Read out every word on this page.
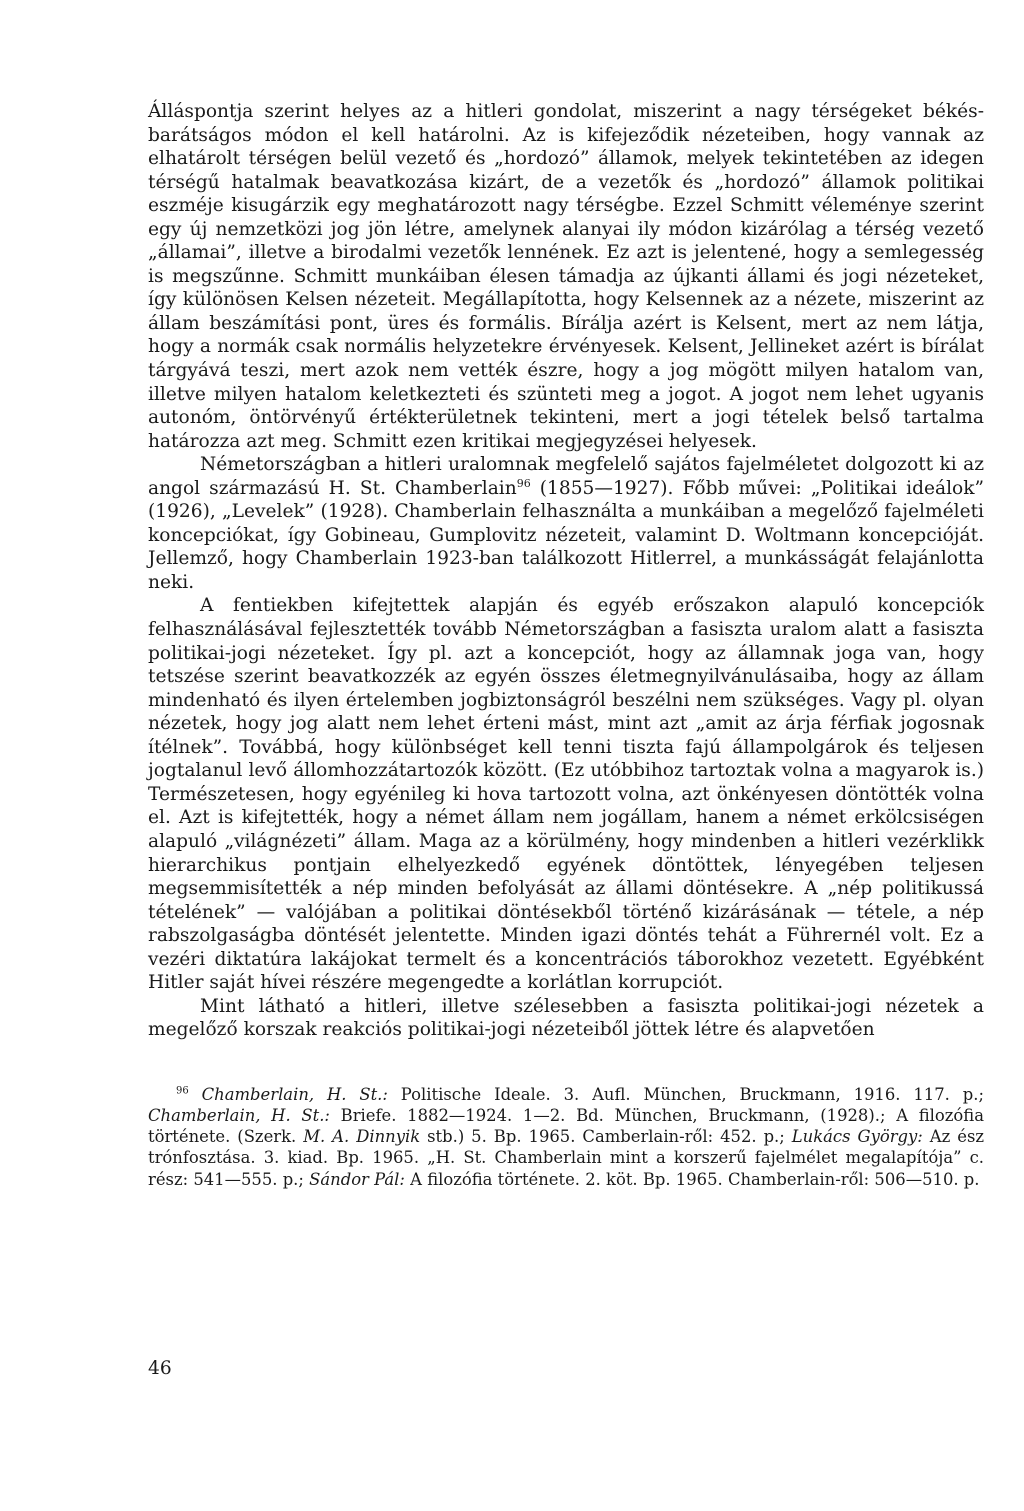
Álláspontja szerint helyes az a hitleri gondolat, miszerint a nagy térségeket békés-barátságos módon el kell határolni. Az is kifejeződik nézeteiben, hogy vannak az elhatárolt térségen belül vezető és „hordozó” államok, melyek tekintetében az idegen térségű hatalmak beavatkozása kizárt, de a vezetők és „hordozó” államok politikai eszméje kisugárzik egy meghatározott nagy térségbe. Ezzel Schmitt véleménye szerint egy új nemzetközi jog jön létre, amelynek alanyai ily módon kizárólag a térség vezető „államai”, illetve a birodalmi vezetők lennének. Ez azt is jelentené, hogy a semlegesség is megszűnne. Schmitt munkáiban élesen támadja az újkanti állami és jogi nézeteket, így különösen Kelsen nézeteit. Megállapította, hogy Kelsennek az a nézete, miszerint az állam beszámítási pont, üres és formális. Bírálja azért is Kelsent, mert az nem látja, hogy a normák csak normális helyzetekre érvényesek. Kelsent, Jellineket azért is bírálat tárgyává teszi, mert azok nem vették észre, hogy a jog mögött milyen hatalom van, illetve milyen hatalom keletkezteti és szünteti meg a jogot. A jogot nem lehet ugyanis autonóm, öntörvényű értékterületnek tekinteni, mert a jogi tételek belső tartalma határozza azt meg. Schmitt ezen kritikai megjegyzései helyesek.

Németországban a hitleri uralomnak megfelelő sajátos fajelméletet dolgozott ki az angol származású H. St. Chamberlain$^{96}$ (1855—1927). Főbb művei: „Politikai ideálok” (1926), „Levelek” (1928). Chamberlain felhasználta a munkáiban a megelőző fajelméleti koncepciókat, így Gobineau, Gumplovitz nézeteit, valamint D. Woltmann koncepcióját. Jellemző, hogy Chamberlain 1923-ban találkozott Hitlerrel, a munkásságát felajánlotta neki.

A fentiekben kifejtettek alapján és egyéb erőszakon alapuló koncepciók felhasználásával fejlesztették tovább Németországban a fasiszta uralom alatt a fasiszta politikai-jogi nézeteket. Így pl. azt a koncepciót, hogy az államnak joga van, hogy tetszése szerint beavatkozzék az egyén összes életmegnyilvánulásaiba, hogy az állam mindenható és ilyen értelemben jogbiztonságról beszélni nem szükséges. Vagy pl. olyan nézetek, hogy jog alatt nem lehet érteni mást, mint azt „amit az árja férfiak jogosnak ítélnek”. Továbbá, hogy különbséget kell tenni tiszta fajú állampolgárok és teljesen jogtalanul levő állomhozzátartozók között. (Ez utóbbihoz tartoztak volna a magyarok is.) Természetesen, hogy egyénileg ki hova tartozott volna, azt önkényesen döntötték volna el. Azt is kifejtették, hogy a német állam nem jogállam, hanem a német erkölcsiségen alapuló „világnézeti” állam. Maga az a körülmény, hogy mindenben a hitleri vezérklikk hierarchikus pontjain elhelyezkedő egyének döntöttek, lényegében teljesen megsemmisítették a nép minden befolyását az állami döntésekre. A „nép politikussá tételének” — valójában a politikai döntésekből történő kizárásának — tétele, a nép rabszolgaságba döntését jelentette. Minden igazi döntés tehát a Führernél volt. Ez a vezéri diktatúra lakájokat termelt és a koncentrációs táborokhoz vezetett. Egyébként Hitler saját hívei részére megengedte a korlátlan korrupciót.

Mint látható a hitleri, illetve szélesebben a fasiszta politikai-jogi nézetek a megelőző korszak reakciós politikai-jogi nézeteiből jöttek létre és alapvetően

$^{96}$ Chamberlain, H. St.: Politische Ideale. 3. Aufl. München, Bruckmann, 1916. 117. p.; Chamberlain, H. St.: Briefe. 1882—1924. 1—2. Bd. München, Bruckmann, (1928).; A filozófia története. (Szerk. M. A. Dinnyik stb.) 5. Bp. 1965. Camberlain-ről: 452. p.; Lukács György: Az ész trónfosztása. 3. kiad. Bp. 1965. „H. St. Chamberlain mint a korszerű fajelmélet megalapítója” c. rész: 541—555. p.; Sándor Pál: A filozófia története. 2. köt. Bp. 1965. Chamberlain-ről: 506—510. p.

46
